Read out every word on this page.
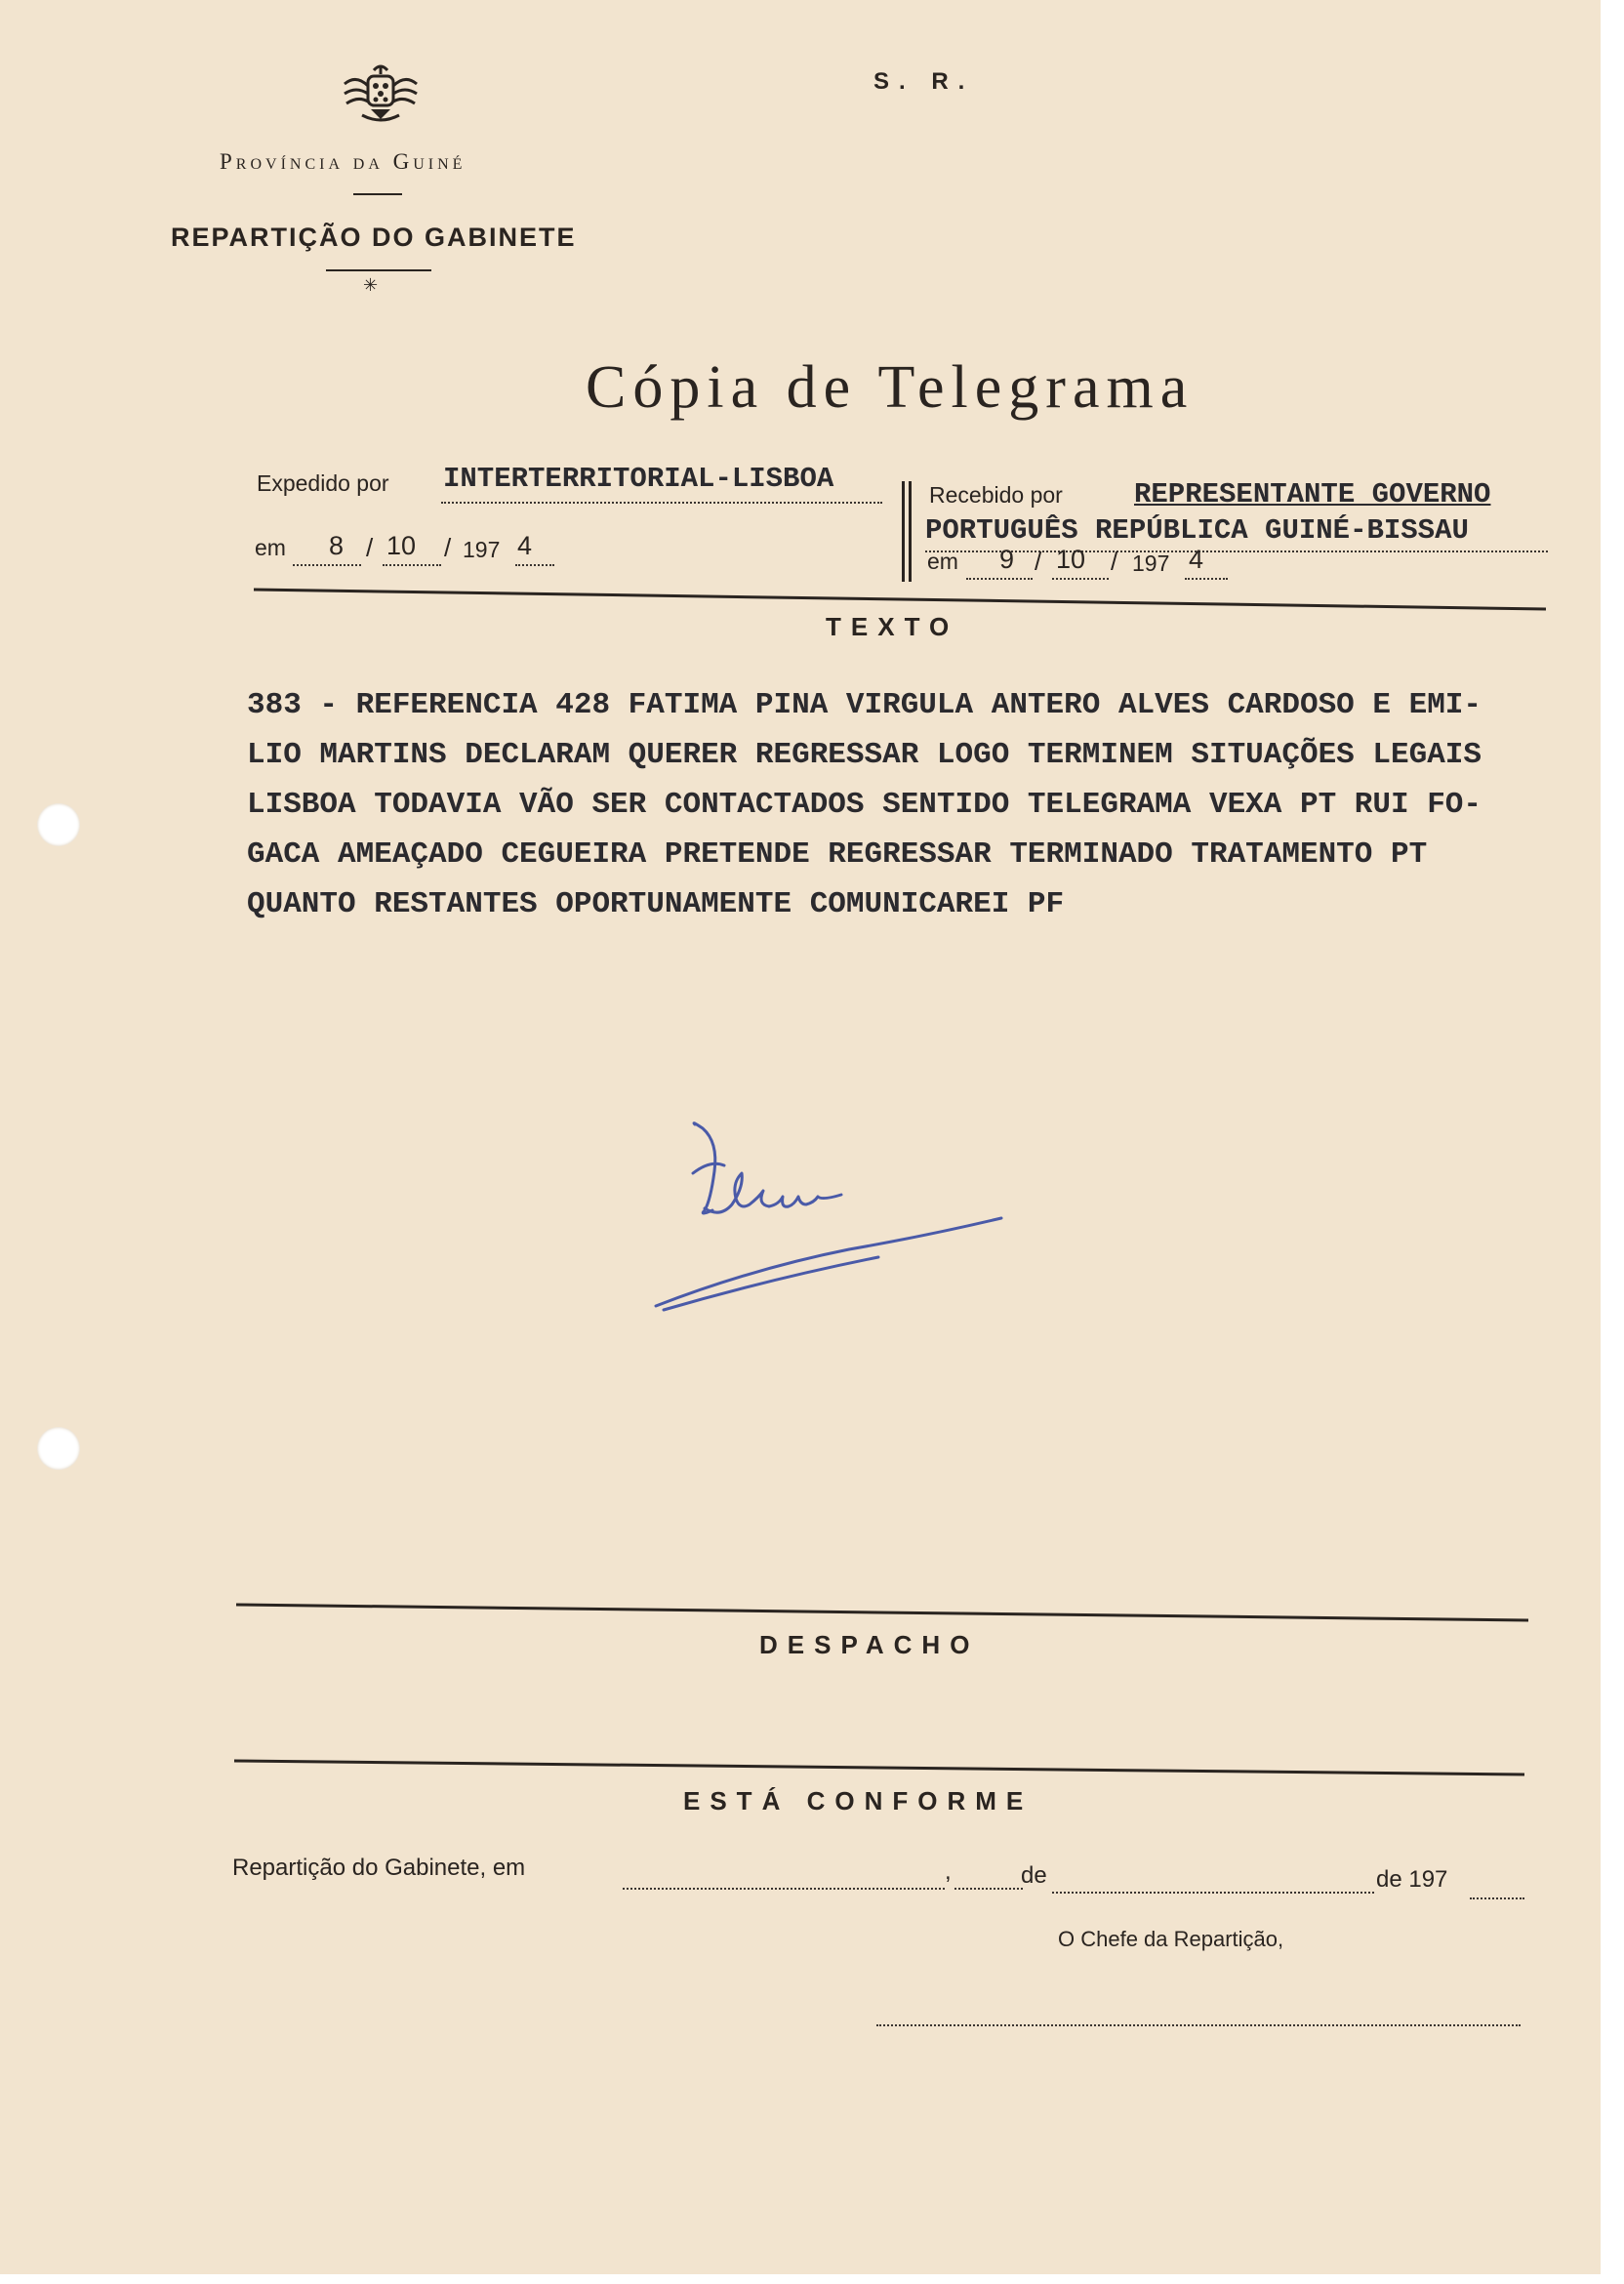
S. R.
Província da Guiné
REPARTIÇÃO DO GABINETE
✳
Cópia de Telegrama
Expedido por INTERTERRITORIAL-LISBOA
em 8 / 10 / 197 4
Recebido por	REPRESENTANTE GOVERNO
PORTUGUÊS REPÚBLICA GUINÉ-BISSAU
em 9 / 10 / 197 4
TEXTO
383 - REFERENCIA 428 FATIMA PINA VIRGULA ANTERO ALVES CARDOSO E EMI-
LIO MARTINS DECLARAM QUERER REGRESSAR LOGO TERMINEM SITUAÇÕES LEGAIS
LISBOA TODAVIA VÃO SER CONTACTADOS SENTIDO TELEGRAMA VEXA PT RUI FO-
GACA AMEAÇADO CEGUEIRA PRETENDE REGRESSAR TERMINADO TRATAMENTO PT
QUANTO RESTANTES OPORTUNAMENTE COMUNICAREI PF
DESPACHO
ESTÁ CONFORME
Repartição do Gabinete, em	,	de	de 197
O Chefe da Repartição,
